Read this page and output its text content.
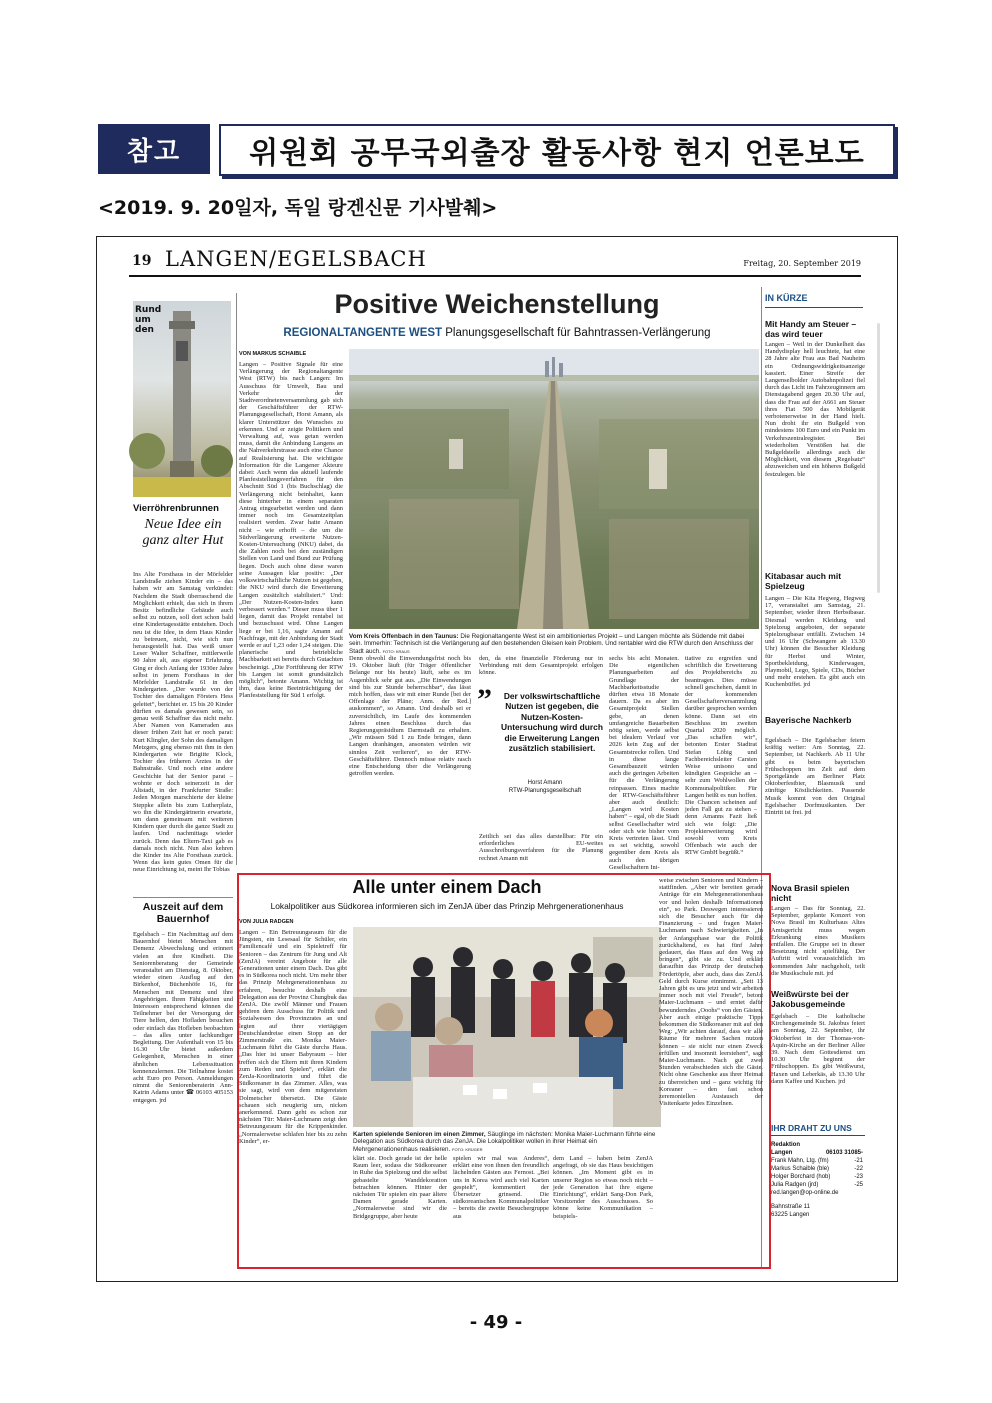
참고	위원회 공무국외출장 활동사항 현지 언론보도
<2019. 9. 20일자, 독일 랑겐신문 기사발췌>
19 LANGEN/EGELSBACH	Freitag, 20. September 2019
Rund um den
Vierröhrenbrunnen
Neue Idee ein ganz alter Hut
Ins Alte Forsthaus in der Mörfelder Landstraße ziehen Kinder ein – das haben wir am Samstag verkündet: Nachdem die Stadt überraschend die Möglichkeit erhielt, das sich in ihrem Besitz befindliche Gebäude auch selbst zu nutzen, soll dort schon bald eine Kindertagesstätte entstehen. Doch neu ist die Idee, in dem Haus Kinder zu betreuen, nicht, wie sich nun herausgestellt hat. Das weiß unser Leser Walter Schaffner, mittlerweile 90 Jahre alt, aus eigener Erfahrung. Ging er doch Anfang der 1930er Jahre selbst in jenem Forsthaus in der Mörfelder Landstraße 61 in den Kindergarten. „Der wurde von der Tochter des damaligen Försters Hess geleitet“, berichtet er. 15 bis 20 Kinder dürften es damals gewesen sein, so genau weiß Schaffner das nicht mehr. Aber Namen von Kameraden aus dieser frühen Zeit hat er noch parat: Kurt Klingler, der Sohn des damaligen Metzgers, ging ebenso mit ihm in den Kindergarten wie Brigitte Klock, Tochter des früheren Arztes in der Bahnstraße. Und noch eine andere Geschichte hat der Senior parat – wohnte er doch seinerzeit in der Altstadt, in der Frankfurter Straße: Jeden Morgen marschierte der kleine Steppke allein bis zum Lutherplatz, wo ihn die Kindergärtnerin erwartete, um dann gemeinsam mit weiteren Kindern quer durch die ganze Stadt zu laufen. Und nachmittags wieder zurück. Denn das Eltern-Taxi gab es damals noch nicht. Nun also kehren die Kinder ins Alte Forsthaus zurück. Wenn das kein gutes Omen für die neue Einrichtung ist, meint Ihr Tobias
Auszeit auf dem Bauernhof
Egelsbach – Ein Nachmittag auf dem Bauernhof bietet Menschen mit Demenz Abwechslung und erinnert vielen an ihre Kindheit. Die Seniorenberatung der Gemeinde veranstaltet am Dienstag, 8. Oktober, wieder einen Ausflug auf den Birkenhof, Büchenhöfe 16, für Menschen mit Demenz und ihre Angehörigen. Ihren Fähigkeiten und Interessen entsprechend können die Teilnehmer bei der Versorgung der Tiere helfen, den Hofladen besuchen oder einfach das Hofleben beobachten – das alles unter fachkundiger Begleitung. Der Aufenthalt von 15 bis 16.30 Uhr bietet außerdem Gelegenheit, Menschen in einer ähnlichen Lebenssituation kennenzulernen. Die Teilnahme kostet acht Euro pro Person. Anmeldungen nimmt die Seniorenberaterin Ann-Katrin Adams unter ☎ 06103 405153 entgegen. jrd
Positive Weichenstellung
REGIONALTANGENTE WEST Planungsgesellschaft für Bahntrassen-Verlängerung
VON MARKUS SCHAIBLE
Langen – Positive Signale für eine Verlängerung der Regionaltangente West (RTW) bis nach Langen: Im Ausschuss für Umwelt, Bau und Verkehr der Stadtverordnetenversammlung gab sich der Geschäftsführer der RTW-Planungsgesellschaft, Horst Amann, als klarer Unterstützer des Wunsches zu erkennen. Und er zeigte Politikern und Verwaltung auf, was getan werden muss, damit die Anbindung Langens an die Nahverkehrstrasse auch eine Chance auf Realisierung hat. Die wichtigste Information für die Langener Akteure dabei: Auch wenn das aktuell laufende Planfeststellungsverfahren für den Abschnitt Süd 1 (bis Buchschlag) die Verlängerung nicht beinhaltet, kann diese hinterher in einem separaten Antrag eingearbeitet werden und dann immer noch im Gesamtzeitplan realisiert werden. Zwar hatte Amann nicht – wie erhofft – die um die Südverlängerung erweiterte Nutzen-Kosten-Untersuchung (NKU) dabei, da die Zahlen noch bei den zuständigen Stellen von Land und Bund zur Prüfung liegen. Doch auch ohne diese waren seine Aussagen klar positiv: „Der volkswirtschaftliche Nutzen ist gegeben, die NKU wird durch die Erweiterung Langen zusätzlich stabilisiert.“ Und: „Der Nutzen-Kosten-Index kann verbessert werden.“ Dieser muss über 1 liegen, damit das Projekt rentabel ist und bezuschusst wird. Ohne Langen liege er bei 1,16, sagte Amann auf Nachfrage, mit der Anbindung der Stadt werde er auf 1,23 oder 1,24 steigen. Die planerische und betriebliche Machbarkeit sei bereits durch Gutachten bescheinigt. „Die Fortführung der RTW bis Langen ist somit grundsätzlich möglich“, betonte Amann. Wichtig ist ihm, dass keine Beeinträchtigung der Planfeststellung für Süd 1 erfolgt.
Vom Kreis Offenbach in den Taunus: Die Regionaltangente West ist ein ambitioniertes Projekt – und Langen möchte als Südende mit dabei sein. Immerhin: Technisch ist die Verlängerung auf den bestehenden Gleisen kein Problem. Und rentabler wird die RTW durch den Anschluss der Stadt auch. FOTO: KRAUS
Denn obwohl die Einwendungsfrist noch bis 19. Oktober läuft (für Träger öffentlicher Belange nur bis heute) läuft, sehe es im Augenblick sehr gut aus. „Die Einwendungen sind bis zur Stunde beherrschbar“, das lässt mich hoffen, dass wir mit einer Runde [bei der Offenlage der Pläne; Anm. der Red.] auskommen“, so Amann. Und deshalb sei er zuversichtlich, im Laufe des kommenden Jahres einen Beschluss durch das Regierungspräsidium Darmstadt zu erhalten. „Wir müssen Süd 1 zu Ende bringen, dann Langen dranhängen, ansonsten würden wir sinnlos Zeit verlieren“, so der RTW-Geschäftsführer. Dennoch müsse relativ rasch eine Entscheidung über die Verlängerung getroffen werden.
den, da eine finanzielle Förderung nur in Verbindung mit dem Gesamtprojekt erfolgen könne.
”	Der volkswirtschaftliche Nutzen ist gegeben, die Nutzen-Kosten-Untersuchung wird durch die Erweiterung Langen zusätzlich stabilisiert.
Horst Amann
RTW-Planungsgesellschaft
Zeitlich sei das alles darstellbar: Für ein erforderliches EU-weites Ausschreibungsverfahren für die Planung rechnet Amann mit
sechs bis acht Monaten. Die eigentlichen Planungsarbeiten auf Grundlage der Machbarkeitsstudie dürften etwa 18 Monate dauern. Da es aber im Gesamtprojekt Stellen gebe, an denen umfangreiche Bauarbeiten nötig seien, werde selbst bei idealem Verlauf vor 2026 kein Zug auf der Gesamtstrecke rollen. Und in diese lange Gesamtbauzeit würden auch die geringen Arbeiten für die Verlängerung reinpassen. Eines machte der RTW-Geschäftsführer aber auch deutlich: „Langen wird Kosten haben“ – egal, ob die Stadt selbst Gesellschafter wird oder sich wie bisher vom Kreis vertreten lässt. Und es sei wichtig, sowohl gegenüber dem Kreis als auch den übrigen Gesellschaftern Ini-
tiative zu ergreifen und schriftlich die Erweiterung des Projektbereichs zu beantragen. Dies müsse schnell geschehen, damit in der kommenden Gesellschafterversammlung darüber gesprochen werden könne. Dann sei ein Beschluss im zweiten Quartal 2020 möglich. „Das schaffen wir“, betonten Erster Stadtrat Stefan Löbig und Fachbereichsleiter Carsten Weise unisono und kündigten Gespräche an – sehr zum Wohlwollen der Kommunalpolitiker. Für Langen heißt es nun hoffen. Die Chancen scheinen auf jeden Fall gut zu stehen – denn Amanns Fazit ließ sich wie folgt: „Die Projekterweiterung wird sowohl vom Kreis Offenbach wie auch der RTW GmbH begrüßt.“
IN KÜRZE
Mit Handy am Steuer – das wird teuer
Langen – Weil in der Dunkelheit das Handydisplay hell leuchtete, hat eine 28 Jahre alte Frau aus Bad Nauheim ein Ordnungswidrigkeitsanzeige kassiert. Einer Streife der Langenselbolder Autobahnpolizei fiel durch das Licht im Fahrzeuginnern am Dienstagabend gegen 20.30 Uhr auf, dass die Frau auf der A661 am Steuer ihres Fiat 500 das Mobilgerät verbotenerweise in der Hand hielt. Nun droht ihr ein Bußgeld von mindestens 100 Euro und ein Punkt im Verkehrszentralregister. Bei wiederholten Verstößen hat die Bußgeldstelle allerdings auch die Möglichkeit, von diesem „Regelsatz“ abzuweichen und ein höheres Bußgeld festzulegen. ble
Kitabasar auch mit Spielzeug
Langen – Die Kita Hegweg, Hegweg 17, veranstaltet am Samstag, 21. September, wieder ihren Herbstbasar. Diesmal werden Kleidung und Spielzeug angeboten, der separate Spielzeugbasar entfällt. Zwischen 14 und 16 Uhr (Schwangere ab 13.30 Uhr) können die Besucher Kleidung für Herbst und Winter, Sportbekleidung, Kinderwagen, Playmobil, Lego, Spiele, CDs, Bücher und mehr erstehen. Es gibt auch ein Kuchenbüffet. jrd
Bayerische Nachkerb
Egelsbach – Die Egelsbacher feiern kräftig weiter: Am Sonntag, 22. September, ist Nachkerb. Ab 11 Uhr gibt es beim bayerischen Frühschoppen im Zelt auf dem Sportgelände am Berliner Platz Oktoberfestbier, Blasmusik und zünftige Köstlichkeiten. Passende Musik kommt von den Original Egelsbacher Dorfmusikanten. Der Eintritt ist frei. jrd
Alle unter einem Dach
Lokalpolitiker aus Südkorea informieren sich im ZenJA über das Prinzip Mehrgenerationenhaus
VON JULIA RADGEN
Langen – Ein Betreuungsraum für die Jüngsten, ein Lesesaal für Schüler, ein Familiencafé und ein Spieletreff für Senioren – das Zentrum für Jung und Alt (ZenJA) vereint Angebote für alle Generationen unter einem Dach. Das gibt es in Südkorea noch nicht. Um mehr über das Prinzip Mehrgenerationenhaus zu erfahren, besuchte deshalb eine Delegation aus der Provinz Chungbuk das ZenJA. Die zwölf Männer und Frauen gehören dem Ausschuss für Politik und Sozialwesen des Provinzrates an und legten auf ihrer viertägigen Deutschlandreise einen Stopp an der Zimmerstraße ein. Monika Maier-Luchmann führt die Gäste durchs Haus. „Das hier ist unser Babyraum – hier treffen sich die Eltern mit ihren Kindern zum Reden und Spielen“, erklärt die ZenJa-Koordinatorin und führt die Südkoreaner in das Zimmer. Alles, was sie sagt, wird von dem mitgereisten Dolmetscher übersetzt. Die Gäste schauen sich neugierig um, nicken anerkennend. Dann geht es schon zur nächsten Tür: Maier-Luchmann zeigt den Betreuungsraum für die Krippenkinder. „Normalerweise schlafen hier bis zu zehn Kinder“, er-
Karten spielende Senioren im einen Zimmer, Säuglinge im nächsten: Monika Maier-Luchmann führte eine Delegation aus Südkorea durch das ZenJA. Die Lokalpolitiker wollen in ihrer Heimat ein Mehrgenerationenhaus realisieren. FOTO: KRÜGER
klärt sie. Doch gerade ist der helle Raum leer, sodass die Südkoreaner in Ruhe das Spielzeug und die selbst gebastelte Wanddekoration betrachten können. Hinter der nächsten Tür spielen ein paar ältere Damen gerade Karten. „Normalerweise sind wir die Bridgegruppe, aber heute
spielen wir mal was Anderes“, erklärt eine von ihnen den freundlich lächelnden Gästen aus Fernost. „Bei uns in Korea wird auch viel Karten gespielt“, kommentiert der Übersetzer grinsend. Die südkoreanischen Kommunalpolitiker – bereits die zweite Besuchergruppe aus
dem Land – haben beim ZenJA angefragt, ob sie das Haus besichtigen können. „Im Moment gibt es in unserer Region so etwas noch nicht – jede Generation hat ihre eigene Einrichtung“, erklärt Sang-Don Park, Vorsitzender des Ausschusses. So könne keine Kommunikation – beispiels-
weise zwischen Senioren und Kindern – stattfinden. „Aber wir bereiten gerade Anträge für ein Mehrgenerationenhaus vor und holen deshalb Informationen ein“, so Park. Deswegen interessieren sich die Besucher auch für die Finanzierung – und fragen Maier-Luchmann nach Schwierigkeiten. „In der Anfangsphase war die Politik zurückhaltend, es hat fünf Jahre gedauert, das Haus auf den Weg zu bringen“, gibt sie zu. Und erklärt daraufhin das Prinzip der deutschen Fördertöpfe, aber auch, dass das ZenJA Geld durch Kurse einnimmt. „Seit 13 Jahren gibt es uns jetzt und wir arbeiten immer noch mit viel Freude“, betont Maier-Luchmann – und erntet dafür bewunderndes „Ooohs“ von den Gästen. Aber auch einige praktische Tipps bekommen die Südkoreaner mit auf den Weg: „Wir achten darauf, dass wir alle Räume für mehrere Sachen nutzen können – sie nicht nur einen Zweck erfüllen und insomnit leerstehen“, sagt Maier-Luchmann. Nach gut zwei Stunden verabschieden sich die Gäste. Nicht ohne Geschenke aus ihrer Heimat zu überreichen und – ganz wichtig für Koreaner – den fast schon zeremoniellen Austausch der Visitenkarte jedes Einzelnen.
Nova Brasil spielen nicht
Langen – Das für Sonntag, 22. September, geplante Konzert von Nova Brasil im Kulturhaus Altes Amtsgericht muss wegen Erkrankung eines Musikers entfallen. Die Gruppe sei in dieser Besetzung nicht spielfähig. Der Auftritt wird voraussichtlich im kommenden Jahr nachgeholt, teilt die Musikschule mit. jrd
Weißwürste bei der Jakobusgemeinde
Egelsbach – Die katholische Kirchengemeinde St. Jakobus feiert am Sonntag, 22. September, ihr Oktoberfest in der Thomas-von-Aquin-Kirche an der Berliner Allee 39. Nach dem Gottesdienst um 10.30 Uhr beginnt der Frühschoppen. Es gibt Weißwurst, Haxen und Leberkäs, ab 13.30 Uhr dann Kaffee und Kuchen. jrd
IHR DRAHT ZU UNS
Redaktion
Langen	06103 31085-
Frank Mahn, Ltg. (fm)	-21
Markus Schaible (ble)	-22
Holger Borchard (hob)	-23
Julia Radgen (jrd)	-25
red.langen@op-online.de
Bahnstraße 11
63225 Langen
- 49 -
